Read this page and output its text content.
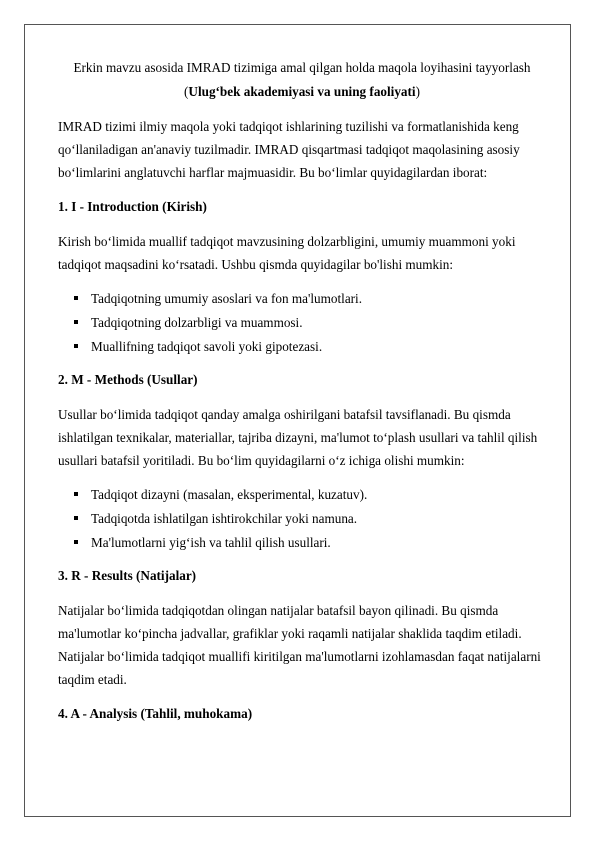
Erkin mavzu asosida IMRAD tizimiga amal qilgan holda maqola loyihasini tayyorlash
(Ulug‘bek akademiyasi va uning faoliyati)

IMRAD tizimi ilmiy maqola yoki tadqiqot ishlarining tuzilishi va formatlanishida keng qo‘llaniladigan an'anaviy tuzilmadir. IMRAD qisqartmasi tadqiqot maqolasining asosiy bo‘limlarini anglatuvchi harflar majmuasidir. Bu bo‘limlar quyidagilardan iborat:

1. I - Introduction (Kirish)

Kirish bo‘limida muallif tadqiqot mavzusining dolzarbligini, umumiy muammoni yoki tadqiqot maqsadini ko‘rsatadi. Ushbu qismda quyidagilar bo'lishi mumkin:

Tadqiqotning umumiy asoslari va fon ma'lumotlari.
Tadqiqotning dolzarbligi va muammosi.
Muallifning tadqiqot savoli yoki gipotezasi.
2. M - Methods (Usullar)

Usullar bo‘limida tadqiqot qanday amalga oshirilgani batafsil tavsiflanadi. Bu qismda ishlatilgan texnikalar, materiallar, tajriba dizayni, ma'lumot to‘plash usullari va tahlil qilish usullari batafsil yoritiladi. Bu bo‘lim quyidagilarni o‘z ichiga olishi mumkin:

Tadqiqot dizayni (masalan, eksperimental, kuzatuv).
Tadqiqotda ishlatilgan ishtirokchilar yoki namuna.
Ma'lumotlarni yig‘ish va tahlil qilish usullari.
3. R - Results (Natijalar)

Natijalar bo‘limida tadqiqotdan olingan natijalar batafsil bayon qilinadi. Bu qismda ma'lumotlar ko‘pincha jadvallar, grafiklar yoki raqamli natijalar shaklida taqdim etiladi. Natijalar bo‘limida tadqiqot muallifi kiritilgan ma'lumotlarni izohlamasdan faqat natijalarni taqdim etadi.

4. A - Analysis (Tahlil, muhokama)
